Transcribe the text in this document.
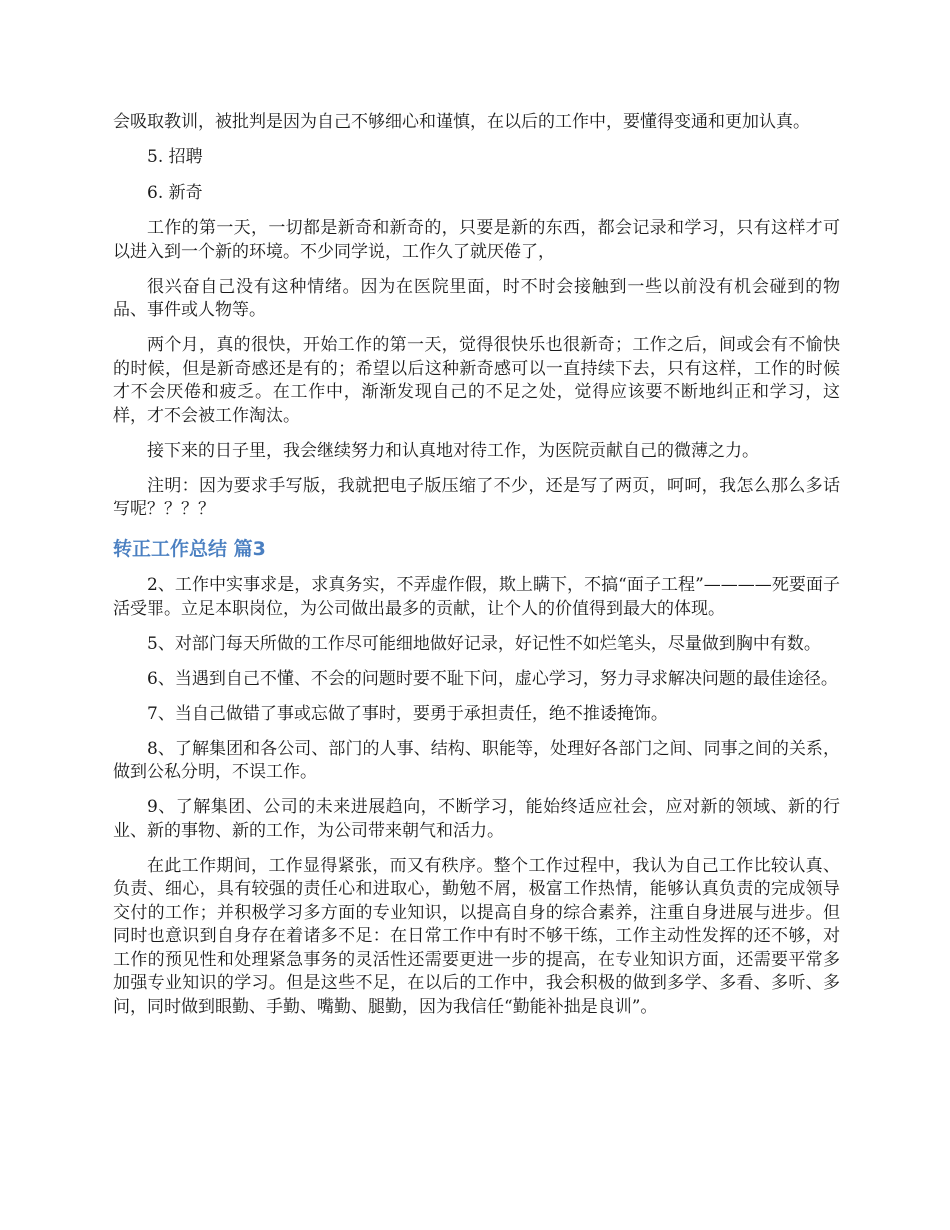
会吸取教训，被批判是因为自己不够细心和谨慎，在以后的工作中，要懂得变通和更加认真。

5. 招聘
6. 新奇

工作的第一天，一切都是新奇和新奇的，只要是新的东西，都会记录和学习，只有这样才可以进入到一个新的环境。不少同学说，工作久了就厌倦了，

很兴奋自己没有这种情绪。因为在医院里面，时不时会接触到一些以前没有机会碰到的物品、事件或人物等。

两个月，真的很快，开始工作的第一天，觉得很快乐也很新奇；工作之后，间或会有不愉快的时候，但是新奇感还是有的；希望以后这种新奇感可以一直持续下去，只有这样，工作的时候才不会厌倦和疲乏。在工作中，渐渐发现自己的不足之处，觉得应该要不断地纠正和学习，这样，才不会被工作淘汰。

接下来的日子里，我会继续努力和认真地对待工作，为医院贡献自己的微薄之力。

注明：因为要求手写版，我就把电子版压缩了不少，还是写了两页，呵呵，我怎么那么多话写呢？？？？

转正工作总结 篇3

2、工作中实事求是，求真务实，不弄虚作假，欺上瞒下，不搞“面子工程”————死要面子活受罪。立足本职岗位，为公司做出最多的贡献，让个人的价值得到最大的体现。

5、对部门每天所做的工作尽可能细地做好记录，好记性不如烂笔头，尽量做到胸中有数。

6、当遇到自己不懂、不会的问题时要不耻下问，虚心学习，努力寻求解决问题的最佳途径。

7、当自己做错了事或忘做了事时，要勇于承担责任，绝不推诿掩饰。

8、了解集团和各公司、部门的人事、结构、职能等，处理好各部门之间、同事之间的关系，做到公私分明，不误工作。

9、了解集团、公司的未来进展趋向，不断学习，能始终适应社会，应对新的领域、新的行业、新的事物、新的工作，为公司带来朝气和活力。

在此工作期间，工作显得紧张，而又有秩序。整个工作过程中，我认为自己工作比较认真、负责、细心，具有较强的责任心和进取心，勤勉不屑，极富工作热情，能够认真负责的完成领导交付的工作；并积极学习多方面的专业知识，以提高自身的综合素养，注重自身进展与进步。但同时也意识到自身存在着诸多不足：在日常工作中有时不够干练，工作主动性发挥的还不够，对工作的预见性和处理紧急事务的灵活性还需要更进一步的提高，在专业知识方面，还需要平常多加强专业知识的学习。但是这些不足，在以后的工作中，我会积极的做到多学、多看、多听、多问，同时做到眼勤、手勤、嘴勤、腿勤，因为我信任“勤能补拙是良训”。
